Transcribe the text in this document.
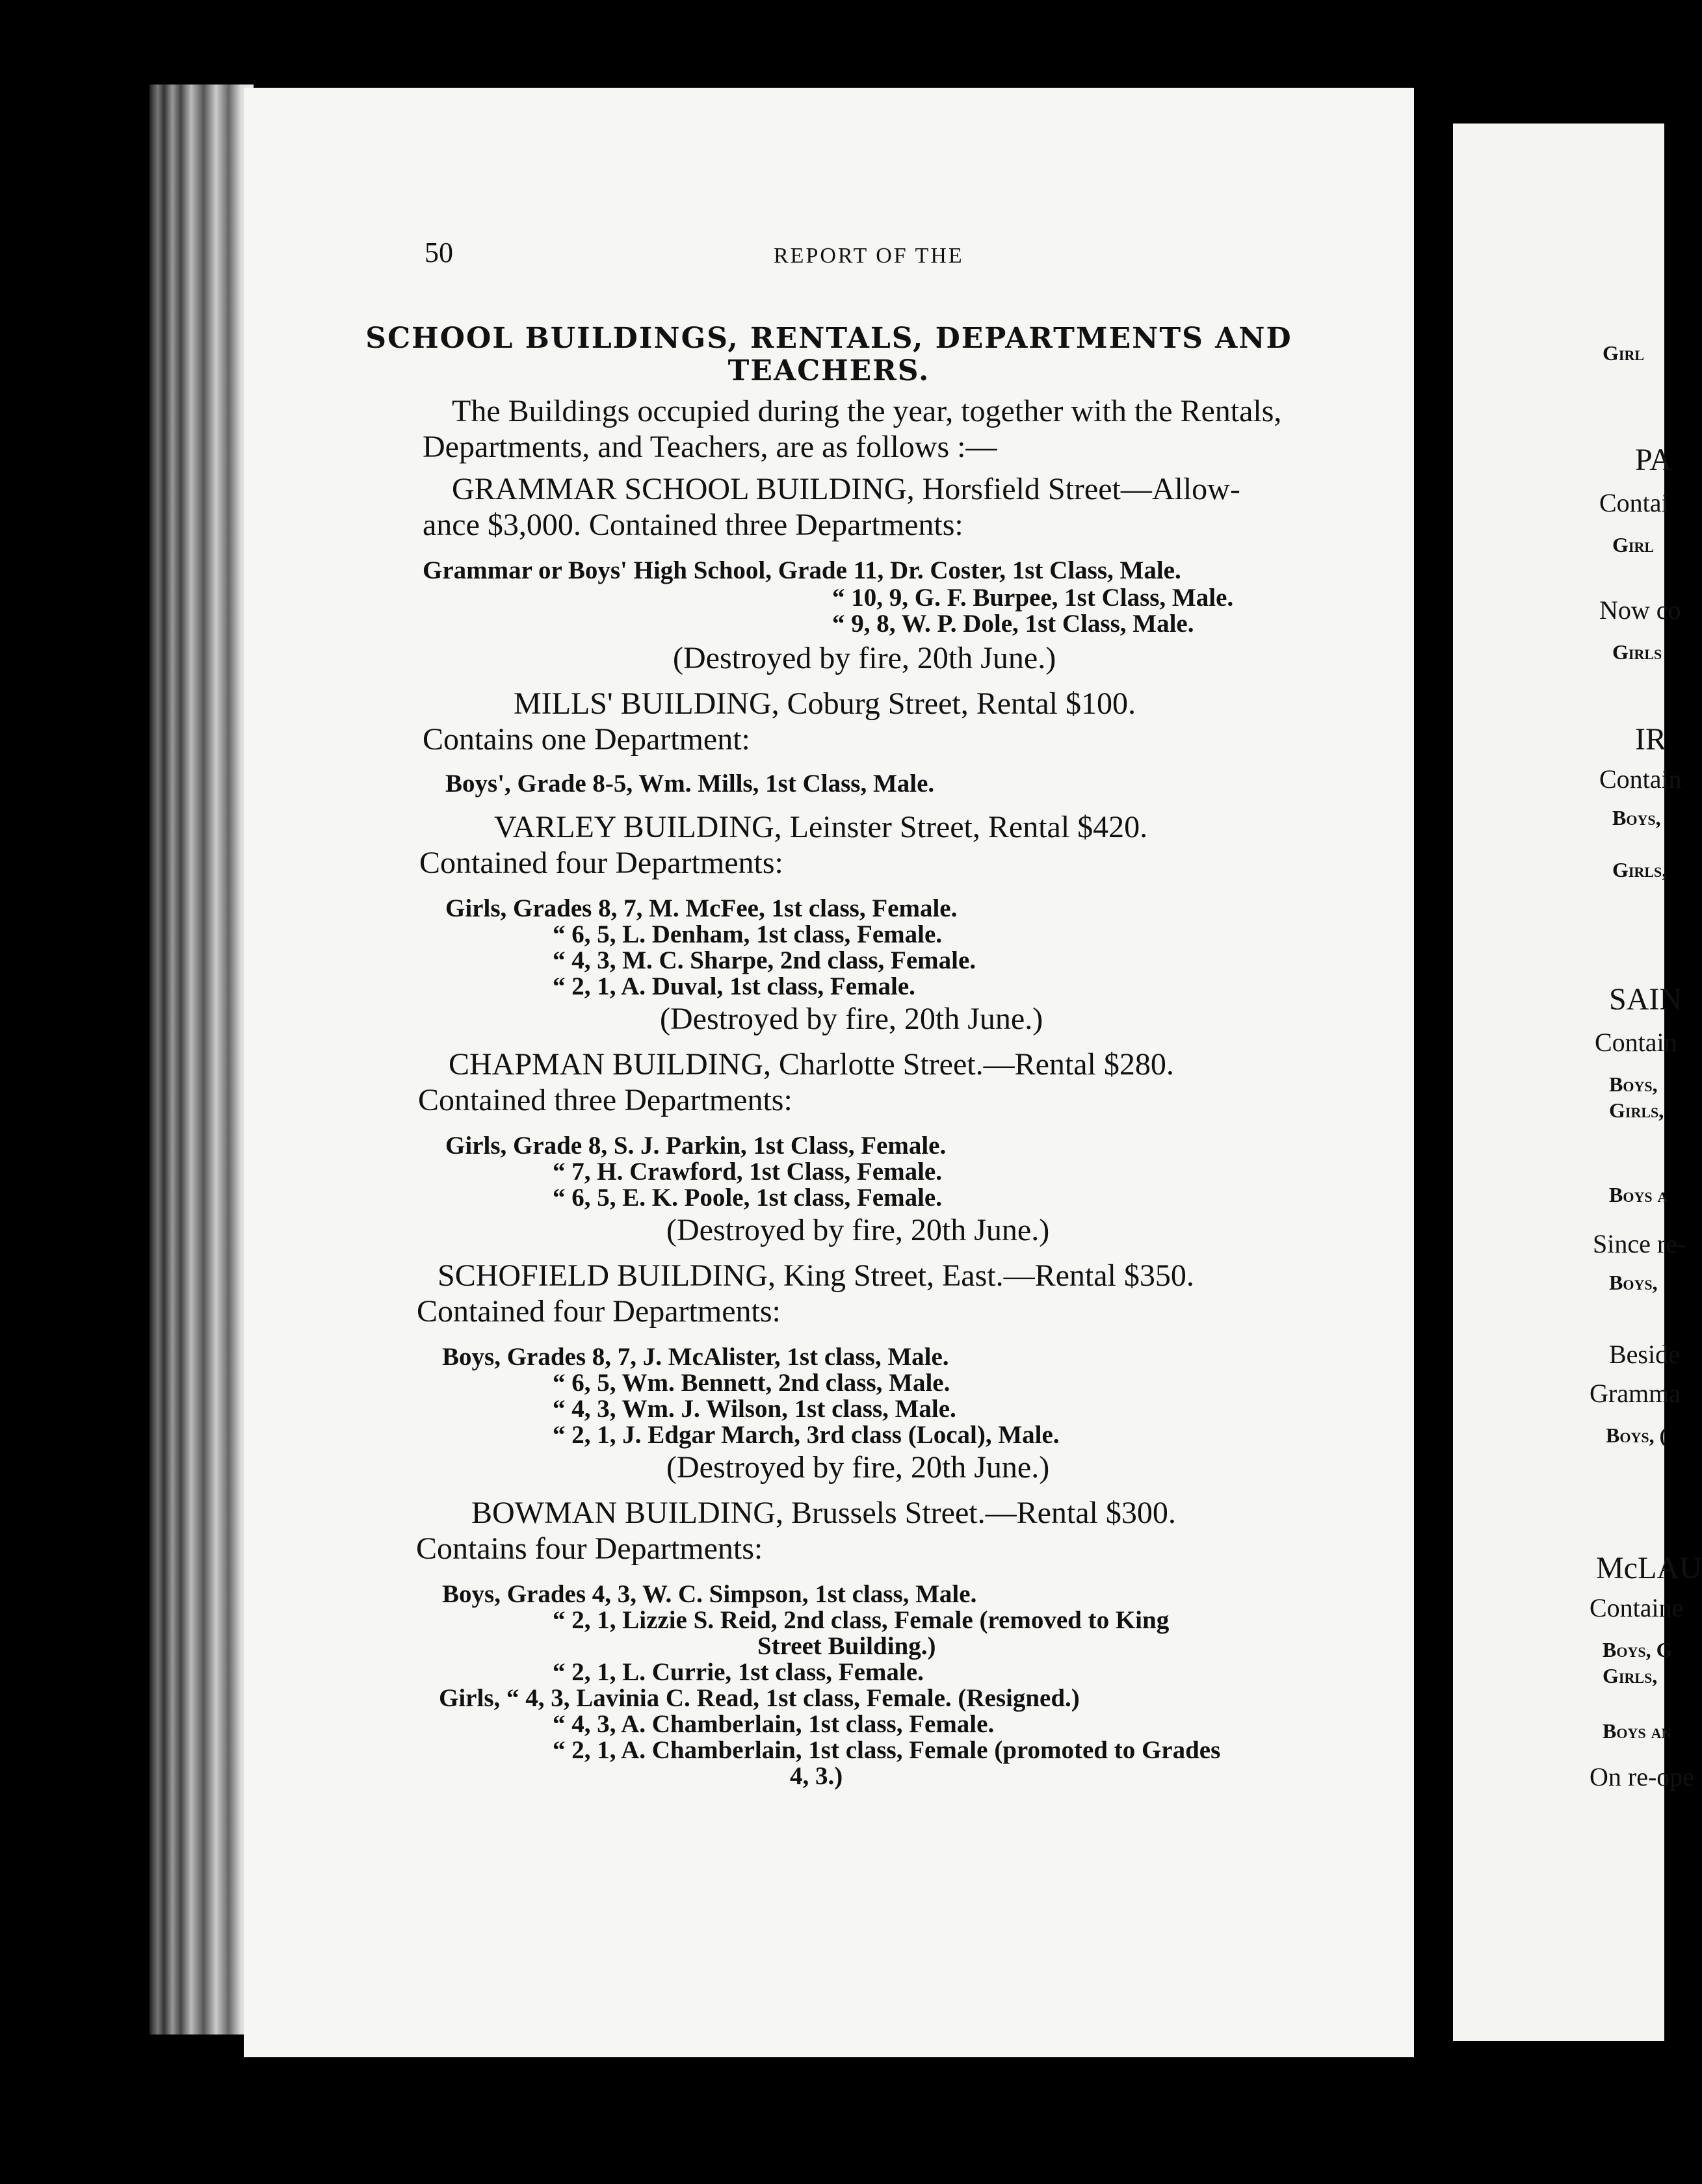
50	REPORT OF THE
SCHOOL BUILDINGS, RENTALS, DEPARTMENTS AND
TEACHERS.
The Buildings occupied during the year, together with the Rentals,
Departments, and Teachers, are as follows :—
GRAMMAR SCHOOL BUILDING, Horsfield Street—Allow-
ance $3,000. Contained three Departments:
Grammar or Boys' High School, Grade 11, Dr. Coster, 1st Class, Male.
“ 10, 9, G. F. Burpee, 1st Class, Male.
“ 9, 8, W. P. Dole, 1st Class, Male.
(Destroyed by fire, 20th June.)
MILLS' BUILDING, Coburg Street, Rental $100.
Contains one Department:
Boys', Grade 8-5, Wm. Mills, 1st Class, Male.
VARLEY BUILDING, Leinster Street, Rental $420.
Contained four Departments:
Girls, Grades 8, 7, M. McFee, 1st class, Female.
“ 6, 5, L. Denham, 1st class, Female.
“ 4, 3, M. C. Sharpe, 2nd class, Female.
“ 2, 1, A. Duval, 1st class, Female.
(Destroyed by fire, 20th June.)
CHAPMAN BUILDING, Charlotte Street.—Rental $280.
Contained three Departments:
Girls, Grade 8, S. J. Parkin, 1st Class, Female.
“ 7, H. Crawford, 1st Class, Female.
“ 6, 5, E. K. Poole, 1st class, Female.
(Destroyed by fire, 20th June.)
SCHOFIELD BUILDING, King Street, East.—Rental $350.
Contained four Departments:
Boys, Grades 8, 7, J. McAlister, 1st class, Male.
“ 6, 5, Wm. Bennett, 2nd class, Male.
“ 4, 3, Wm. J. Wilson, 1st class, Male.
“ 2, 1, J. Edgar March, 3rd class (Local), Male.
(Destroyed by fire, 20th June.)
BOWMAN BUILDING, Brussels Street.—Rental $300.
Contains four Departments:
Boys, Grades 4, 3, W. C. Simpson, 1st class, Male.
“ 2, 1, Lizzie S. Reid, 2nd class, Female (removed to King
Street Building.)
“ 2, 1, L. Currie, 1st class, Female.
Girls, “ 4, 3, Lavinia C. Read, 1st class, Female. (Resigned.)
“ 4, 3, A. Chamberlain, 1st class, Female.
“ 2, 1, A. Chamberlain, 1st class, Female (promoted to Grades
4, 3.)
Girl
PA
Contai
Girl
Now co
Girls
IR
Contain
Boys,
Girls,
SAIN
Contain
Boys,
Girls,
Boys a
Since re-
Boys,
Beside
Gramma
Boys, (
McLAU
Containe
Boys, G
Girls,
Boys an
On re-ope
